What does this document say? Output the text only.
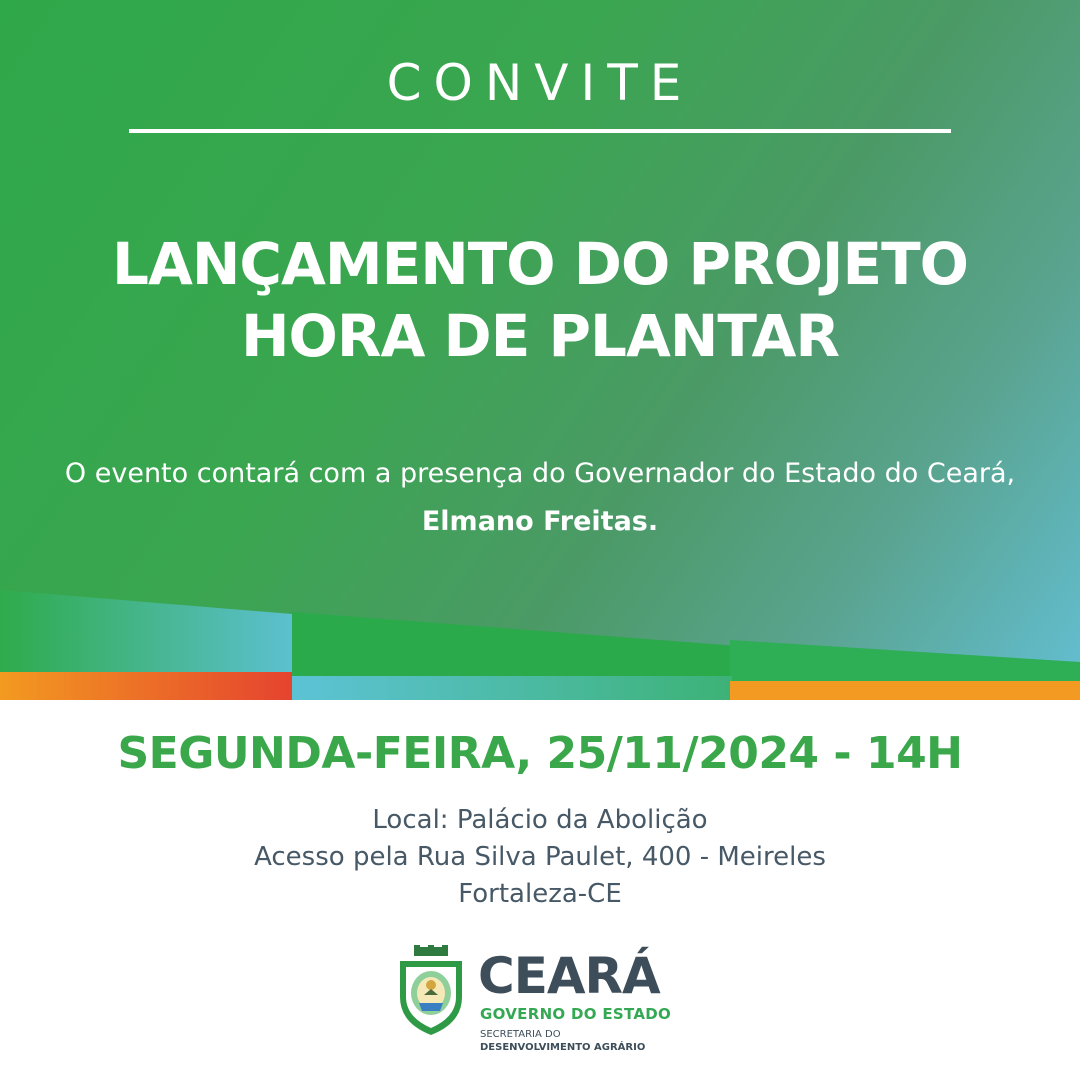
CONVITE
LANÇAMENTO DO PROJETO
HORA DE PLANTAR
O evento contará com a presença do Governador do Estado do Ceará, Elmano Freitas.
SEGUNDA-FEIRA, 25/11/2024 - 14H
Local: Palácio da Abolição
Acesso pela Rua Silva Paulet, 400 - Meireles
Fortaleza-CE
CEARÁ
GOVERNO DO ESTADO
SECRETARIA DO
DESENVOLVIMENTO AGRÁRIO
